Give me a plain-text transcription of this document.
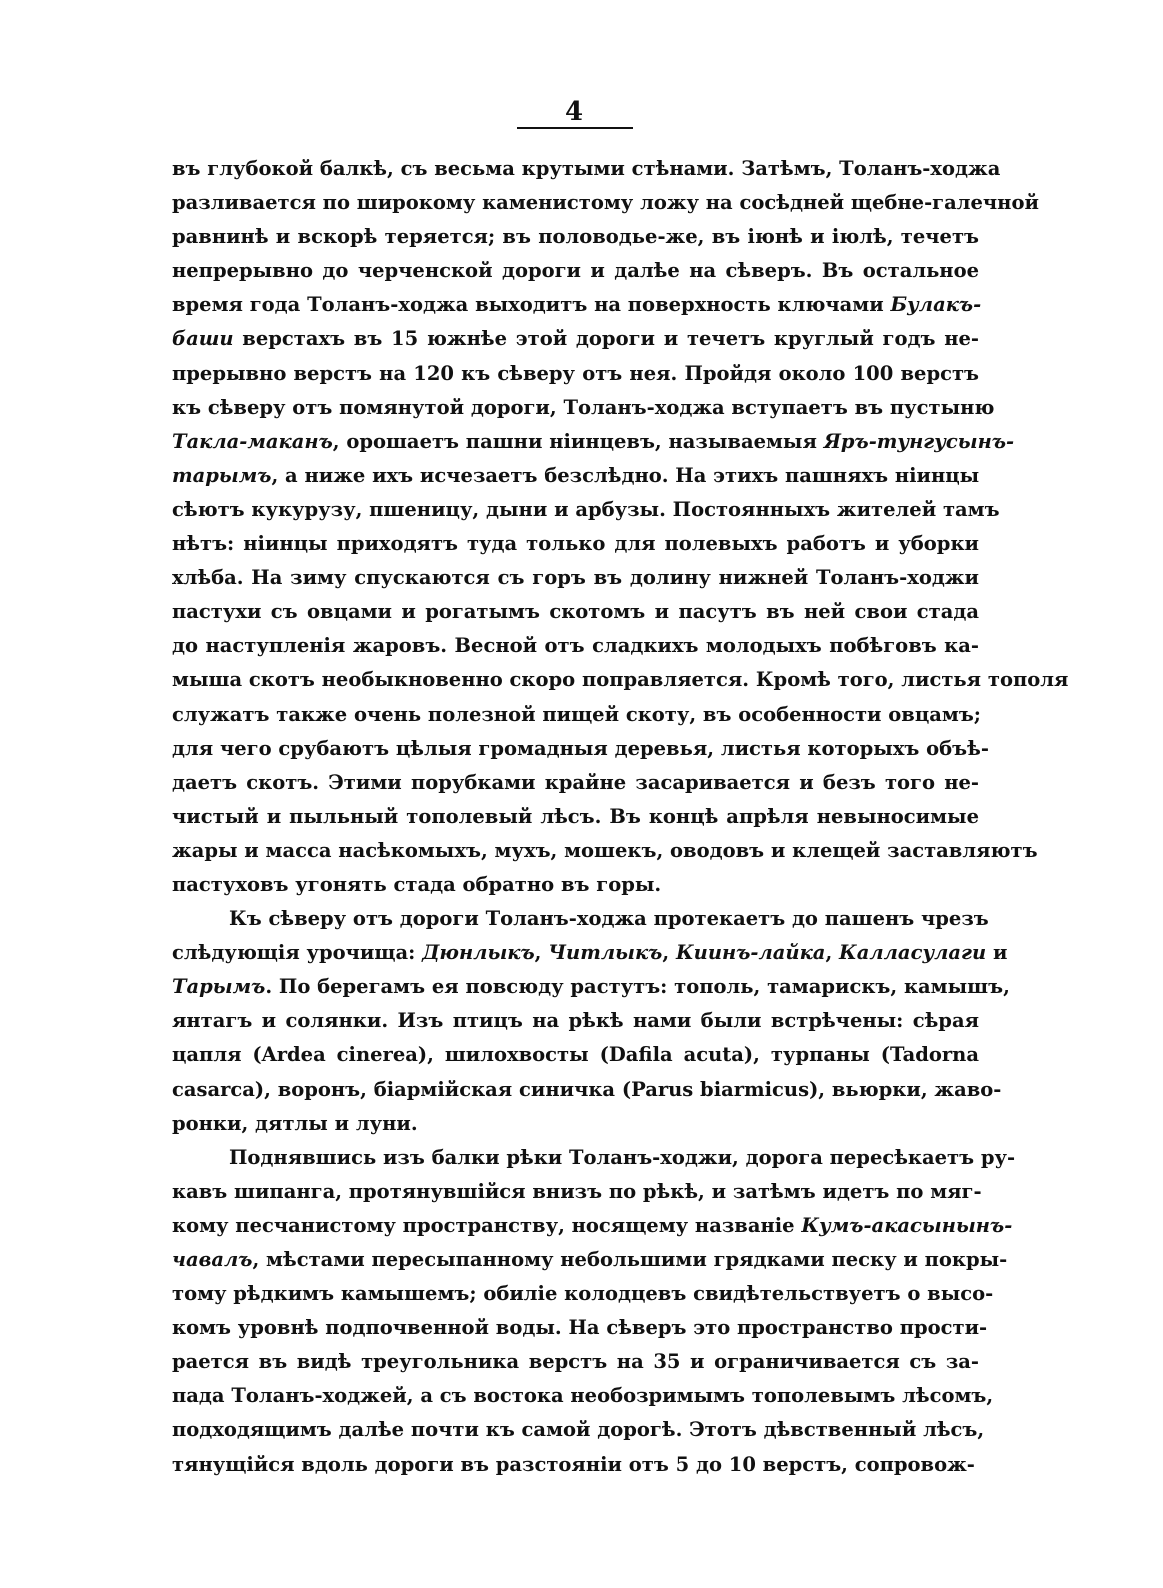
4
въ глубокой балкѣ, съ весьма крутыми стѣнами. Затѣмъ, Толанъ-ходжа
разливается по широкому каменистому ложу на сосѣдней щебне-галечной
равнинѣ и вскорѣ теряется; въ половодье-же, въ іюнѣ и іюлѣ, течетъ
непрерывно до черченской дороги и далѣе на сѣверъ. Въ остальное
время года Толанъ-ходжа выходитъ на поверхность ключами Булакъ-
баши верстахъ въ 15 южнѣе этой дороги и течетъ круглый годъ не-
прерывно верстъ на 120 къ сѣверу отъ нея. Пройдя около 100 верстъ
къ сѣверу отъ помянутой дороги, Толанъ-ходжа вступаетъ въ пустыню
Такла-маканъ, орошаетъ пашни ніинцевъ, называемыя Яръ-тунгусынъ-
тарымъ, а ниже ихъ исчезаетъ безслѣдно. На этихъ пашняхъ ніинцы
сѣютъ кукурузу, пшеницу, дыни и арбузы. Постоянныхъ жителей тамъ
нѣтъ: ніинцы приходятъ туда только для полевыхъ работъ и уборки
хлѣба. На зиму спускаются съ горъ въ долину нижней Толанъ-ходжи
пастухи съ овцами и рогатымъ скотомъ и пасутъ въ ней свои стада
до наступленія жаровъ. Весной отъ сладкихъ молодыхъ побѣговъ ка-
мыша скотъ необыкновенно скоро поправляется. Кромѣ того, листья тополя
служатъ также очень полезной пищей скоту, въ особенности овцамъ;
для чего срубаютъ цѣлыя громадныя деревья, листья которыхъ объѣ-
даетъ скотъ. Этими порубками крайне засаривается и безъ того не-
чистый и пыльный тополевый лѣсъ. Въ концѣ апрѣля невыносимые
жары и масса насѣкомыхъ, мухъ, мошекъ, оводовъ и клещей заставляютъ
пастуховъ угонять стада обратно въ горы.
Къ сѣверу отъ дороги Толанъ-ходжа протекаетъ до пашенъ чрезъ
слѣдующія урочища: Дюнлыкъ, Читлыкъ, Киинъ-лайка, Калласулаги и
Тарымъ. По берегамъ ея повсюду растутъ: тополь, тамарискъ, камышъ,
янтагъ и солянки. Изъ птицъ на рѣкѣ нами были встрѣчены: сѣрая
цапля (Ardea cinerea), шилохвосты (Dafila acuta), турпаны (Tadorna
casarca), воронъ, біармійская синичка (Parus biarmicus), вьюрки, жаво-
ронки, дятлы и луни.
Поднявшись изъ балки рѣки Толанъ-ходжи, дорога пересѣкаетъ ру-
кавъ шипанга, протянувшійся внизъ по рѣкѣ, и затѣмъ идетъ по мяг-
кому песчанистому пространству, носящему названіе Кумъ-акасынынъ-
чавалъ, мѣстами пересыпанному небольшими грядками песку и покры-
тому рѣдкимъ камышемъ; обиліе колодцевъ свидѣтельствуетъ о высо-
комъ уровнѣ подпочвенной воды. На сѣверъ это пространство прости-
рается въ видѣ треугольника верстъ на 35 и ограничивается съ за-
пада Толанъ-ходжей, а съ востока необозримымъ тополевымъ лѣсомъ,
подходящимъ далѣе почти къ самой дорогѣ. Этотъ дѣвственный лѣсъ,
тянущійся вдоль дороги въ разстояніи отъ 5 до 10 верстъ, сопровож-
